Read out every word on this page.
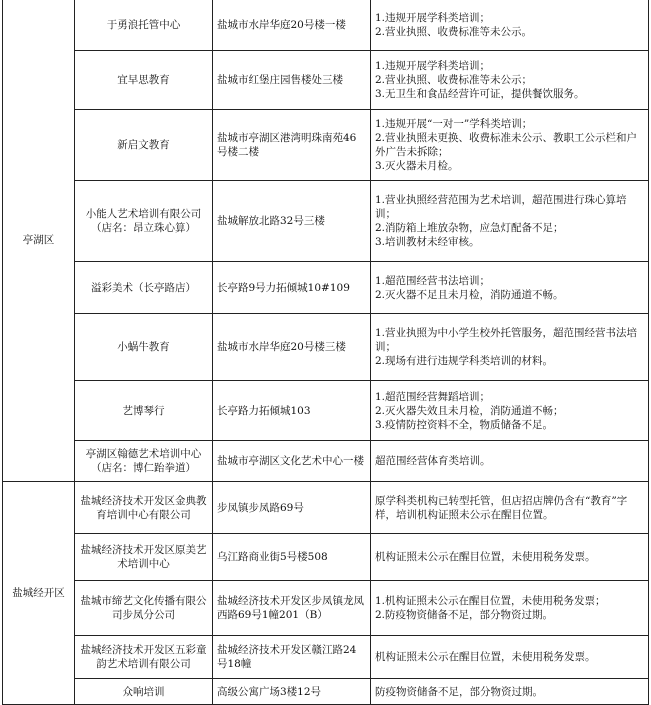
亭湖区	于勇浪托管中心	盐城市水岸华庭20号楼一楼	1.违规开展学科类培训；
2.营业执照、收费标准等未公示。

	宜早思教育	盐城市红堡庄园售楼处三楼	1.违规开展学科类培训；
2.营业执照、收费标准等未公示；
3.无卫生和食品经营许可证，提供餐饮服务。

	新启文教育	盐城市亭湖区港湾明珠南苑46号楼二楼	1.违规开展“一对一”学科类培训；
2.营业执照未更换、收费标准未公示、教职工公示栏和户外广告未拆除；
3.灭火器未月检。

	小能人艺术培训有限公司（店名：昂立珠心算）	盐城解放北路32号三楼	1.营业执照经营范围为艺术培训，超范围进行珠心算培训；
2.消防箱上堆放杂物，应急灯配备不足；
3.培训教材未经审核。

	溢彩美术（长亭路店）	长亭路9号力拓倾城10#109	1.超范围经营书法培训；
2.灭火器不足且未月检，消防通道不畅。

	小蜗牛教育	盐城市水岸华庭20号楼三楼	1.营业执照为中小学生校外托管服务，超范围经营书法培训；
2.现场有进行违规学科类培训的材料。

	艺博琴行	长亭路力拓倾城103	1.超范围经营舞蹈培训；
2.灭火器失效且未月检，消防通道不畅；
3.疫情防控资料不全，物质储备不足。

	亭湖区翰德艺术培训中心（店名：博仁跆拳道）	盐城市亭湖区文化艺术中心一楼	超范围经营体育类培训。

盐城经开区	盐城经济技术开发区金典教育培训中心有限公司	步凤镇步凤路69号	原学科类机构已转型托管，但店招店牌仍含有“教育”字样，培训机构证照未公示在醒目位置。

	盐城经济技术开发区原美艺术培训中心	乌江路商业街5号楼508	机构证照未公示在醒目位置，未使用税务发票。

	盐城市缔艺文化传播有限公司步凤分公司	盐城经济技术开发区步凤镇龙凤西路69号1幢201（B）	1.机构证照未公示在醒目位置，未使用税务发票；
2.防疫物资储备不足，部分物资过期。

	盐城经济技术开发区五彩童韵艺术培训有限公司	盐城经济技术开发区赣江路24号18幢	机构证照未公示在醒目位置，未使用税务发票。

	众响培训	高级公寓广场3楼12号	防疫物资储备不足，部分物资过期。
